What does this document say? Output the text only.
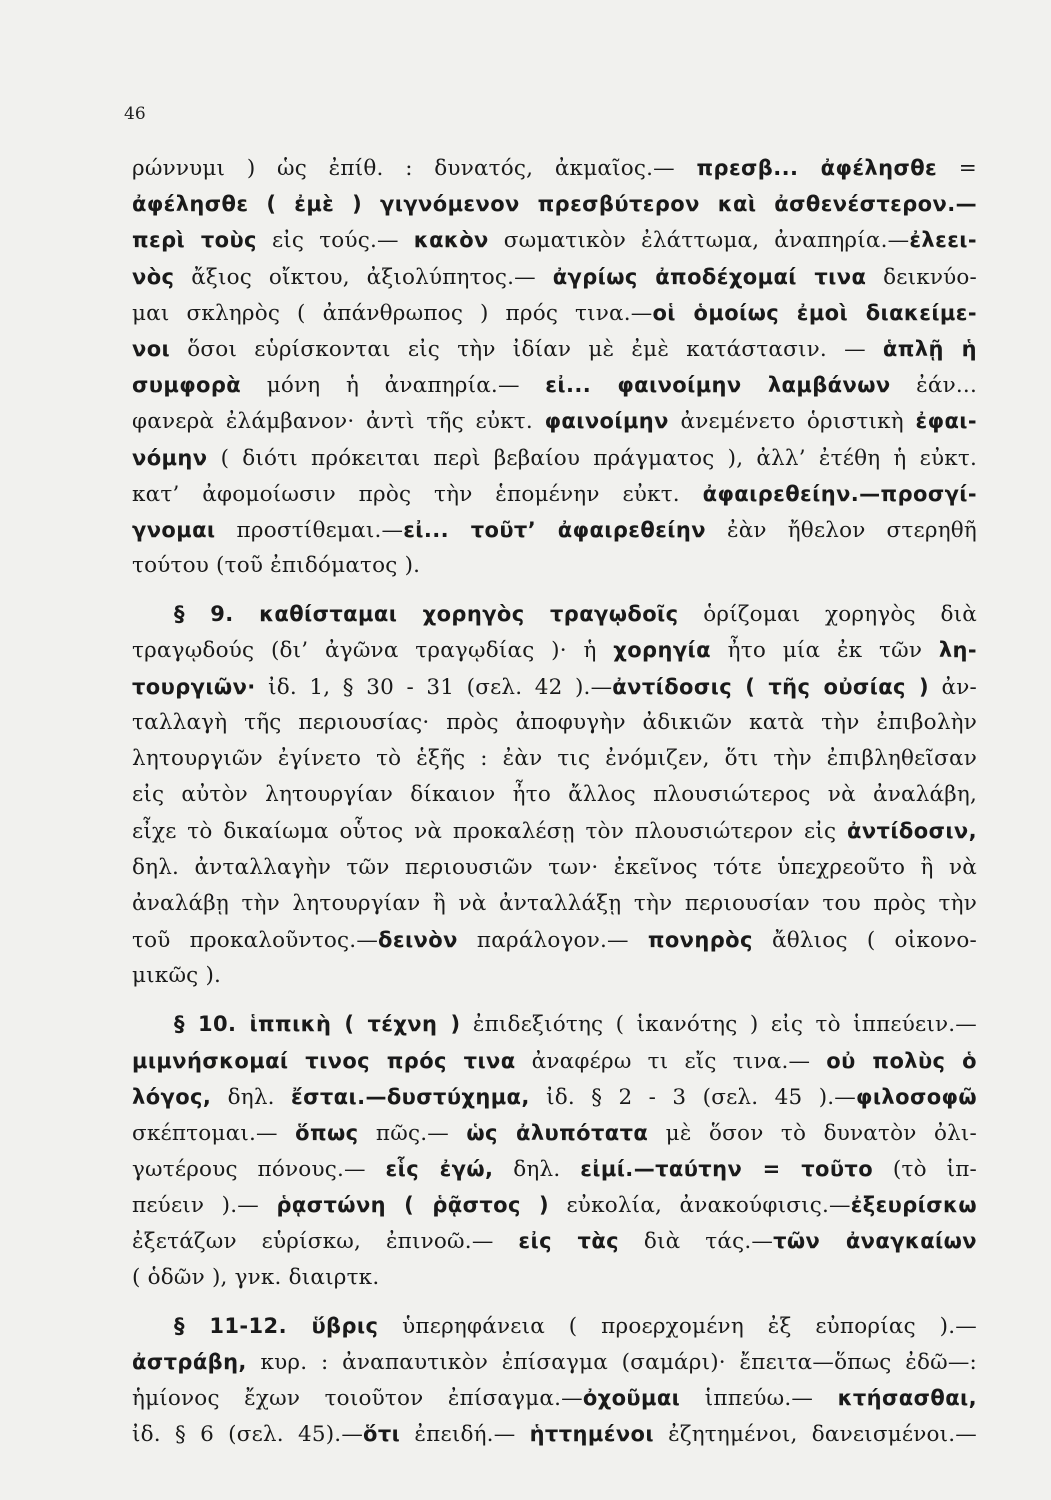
46
ρώννυμι ) ὡς ἐπίθ. : δυνατός, ἀκμαῖος.— πρεσβ... ἀφέλησθε =
ἀφέλησθε ( ἐμὲ ) γιγνόμενον πρεσβύτερον καὶ ἀσθενέστερον.—
περὶ τοὺς εἰς τούς.— κακὸν σωματικὸν ἐλάττωμα, ἀναπηρία.—ἐλεει-
νὸς ἄξιος οἴκτου, ἀξιολύπητος.— ἀγρίως ἀποδέχομαί τινα δεικνύο-
μαι σκληρὸς ( ἀπάνθρωπος ) πρός τινα.—οἱ ὁμοίως ἐμοὶ διακείμε-
νοι ὅσοι εὑρίσκονται εἰς τὴν ἰδίαν μὲ ἐμὲ κατάστασιν. — ἁπλῇ ἡ
συμφορὰ μόνη ἡ ἀναπηρία.— εἰ... φαινοίμην λαμβάνων ἐάν...
φανερὰ ἐλάμβανον· ἀντὶ τῆς εὐκτ. φαινοίμην ἀνεμένετο ὁριστικὴ ἐφαι-
νόμην ( διότι πρόκειται περὶ βεβαίου πράγματος ), ἀλλ’ ἐτέθη ἡ εὐκτ.
κατ’ ἀφομοίωσιν πρὸς τὴν ἑπομένην εὐκτ. ἀφαιρεθείην.—προσγί-
γνομαι προστίθεμαι.—εἰ... τοῦτ’ ἀφαιρεθείην ἐὰν ἤθελον στερηθῆ
τούτου (τοῦ ἐπιδόματος ).
§ 9. καθίσταμαι χορηγὸς τραγῳδοῖς ὁρίζομαι χορηγὸς διὰ
τραγῳδούς (δι’ ἀγῶνα τραγῳδίας )· ἡ χορηγία ἦτο μία ἐκ τῶν λη-
τουργιῶν· ἰδ. 1, § 30 - 31 (σελ. 42 ).—ἀντίδοσις ( τῆς οὐσίας ) ἀν-
ταλλαγὴ τῆς περιουσίας· πρὸς ἀποφυγὴν ἀδικιῶν κατὰ τὴν ἐπιβολὴν
λητουργιῶν ἐγίνετο τὸ ἑξῆς : ἐὰν τις ἐνόμιζεν, ὅτι τὴν ἐπιβληθεῖσαν
εἰς αὐτὸν λητουργίαν δίκαιον ἦτο ἄλλος πλουσιώτερος νὰ ἀναλάβη,
εἶχε τὸ δικαίωμα οὗτος νὰ προκαλέσῃ τὸν πλουσιώτερον εἰς ἀντίδοσιν,
δηλ. ἀνταλλαγὴν τῶν περιουσιῶν των· ἐκεῖνος τότε ὑπεχρεοῦτο ἢ νὰ
ἀναλάβῃ τὴν λητουργίαν ἢ νὰ ἀνταλλάξῃ τὴν περιουσίαν του πρὸς τὴν
τοῦ προκαλοῦντος.—δεινὸν παράλογον.— πονηρὸς ἄθλιος ( οἰκονο-
μικῶς ).
§ 10. ἱππικὴ ( τέχνη ) ἐπιδεξιότης ( ἱκανότης ) εἰς τὸ ἱππεύειν.—
μιμνήσκομαί τινος πρός τινα ἀναφέρω τι εἴς τινα.— οὐ πολὺς ὁ
λόγος, δηλ. ἔσται.—δυστύχημα, ἰδ. § 2 - 3 (σελ. 45 ).—φιλοσοφῶ
σκέπτομαι.— ὅπως πῶς.— ὡς ἀλυπότατα μὲ ὅσον τὸ δυνατὸν ὀλι-
γωτέρους πόνους.— εἷς ἐγώ, δηλ. εἰμί.—ταύτην = τοῦτο (τὸ ἱπ-
πεύειν ).— ῥᾳστώνη ( ῥᾷστος ) εὐκολία, ἀνακούφισις.—ἐξευρίσκω
ἐξετάζων εὑρίσκω, ἐπινοῶ.— εἰς τὰς διὰ τάς.—τῶν ἀναγκαίων
( ὁδῶν ), γνκ. διαιρτκ.
§ 11-12. ὕβρις ὑπερηφάνεια ( προερχομένη ἐξ εὐπορίας ).—
ἀστράβη, κυρ. : ἀναπαυτικὸν ἐπίσαγμα (σαμάρι)· ἔπειτα—ὅπως ἐδῶ—:
ἡμίονος ἔχων τοιοῦτον ἐπίσαγμα.—ὀχοῦμαι ἱππεύω.— κτήσασθαι,
ἰδ. § 6 (σελ. 45).—ὅτι ἐπειδή.— ἡττημένοι ἐζητημένοι, δανεισμένοι.—
